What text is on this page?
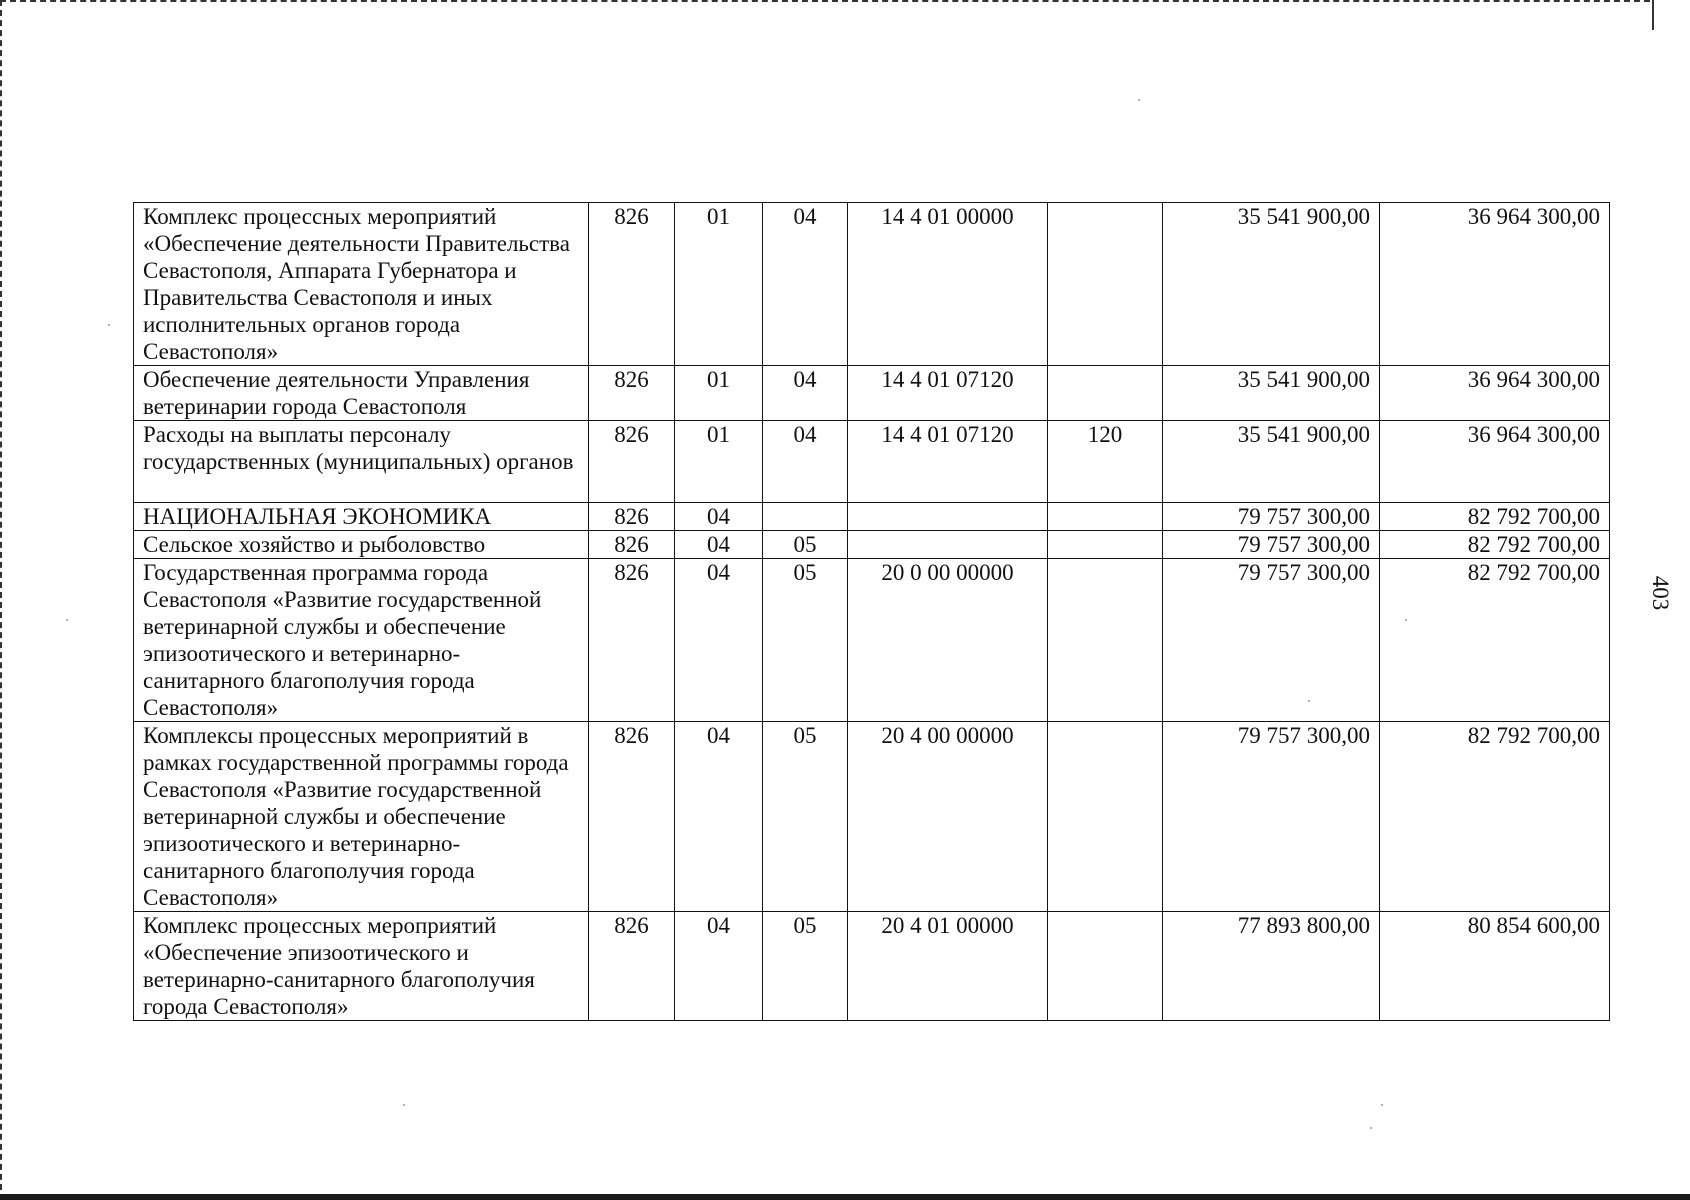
403
Комплекс процессных мероприятий «Обеспечение деятельности Правительства Севастополя, Аппарата Губернатора и Правительства Севастополя и иных исполнительных органов города Севастополя»	826	01	04	14 4 01 00000		35 541 900,00	36 964 300,00
Обеспечение деятельности Управления ветеринарии города Севастополя	826	01	04	14 4 01 07120		35 541 900,00	36 964 300,00
Расходы на выплаты персоналу государственных (муниципальных) органов	826	01	04	14 4 01 07120	120	35 541 900,00	36 964 300,00
НАЦИОНАЛЬНАЯ ЭКОНОМИКА	826	04				79 757 300,00	82 792 700,00
Сельское хозяйство и рыболовство	826	04	05			79 757 300,00	82 792 700,00
Государственная программа города Севастополя «Развитие государственной ветеринарной службы и обеспечение эпизоотического и ветеринарно-санитарного благополучия города Севастополя»	826	04	05	20 0 00 00000		79 757 300,00	82 792 700,00
Комплексы процессных мероприятий в рамках государственной программы города Севастополя «Развитие государственной ветеринарной службы и обеспечение эпизоотического и ветеринарно-санитарного благополучия города Севастополя»	826	04	05	20 4 00 00000		79 757 300,00	82 792 700,00
Комплекс процессных мероприятий «Обеспечение эпизоотического и ветеринарно-санитарного благополучия города Севастополя»	826	04	05	20 4 01 00000		77 893 800,00	80 854 600,00
